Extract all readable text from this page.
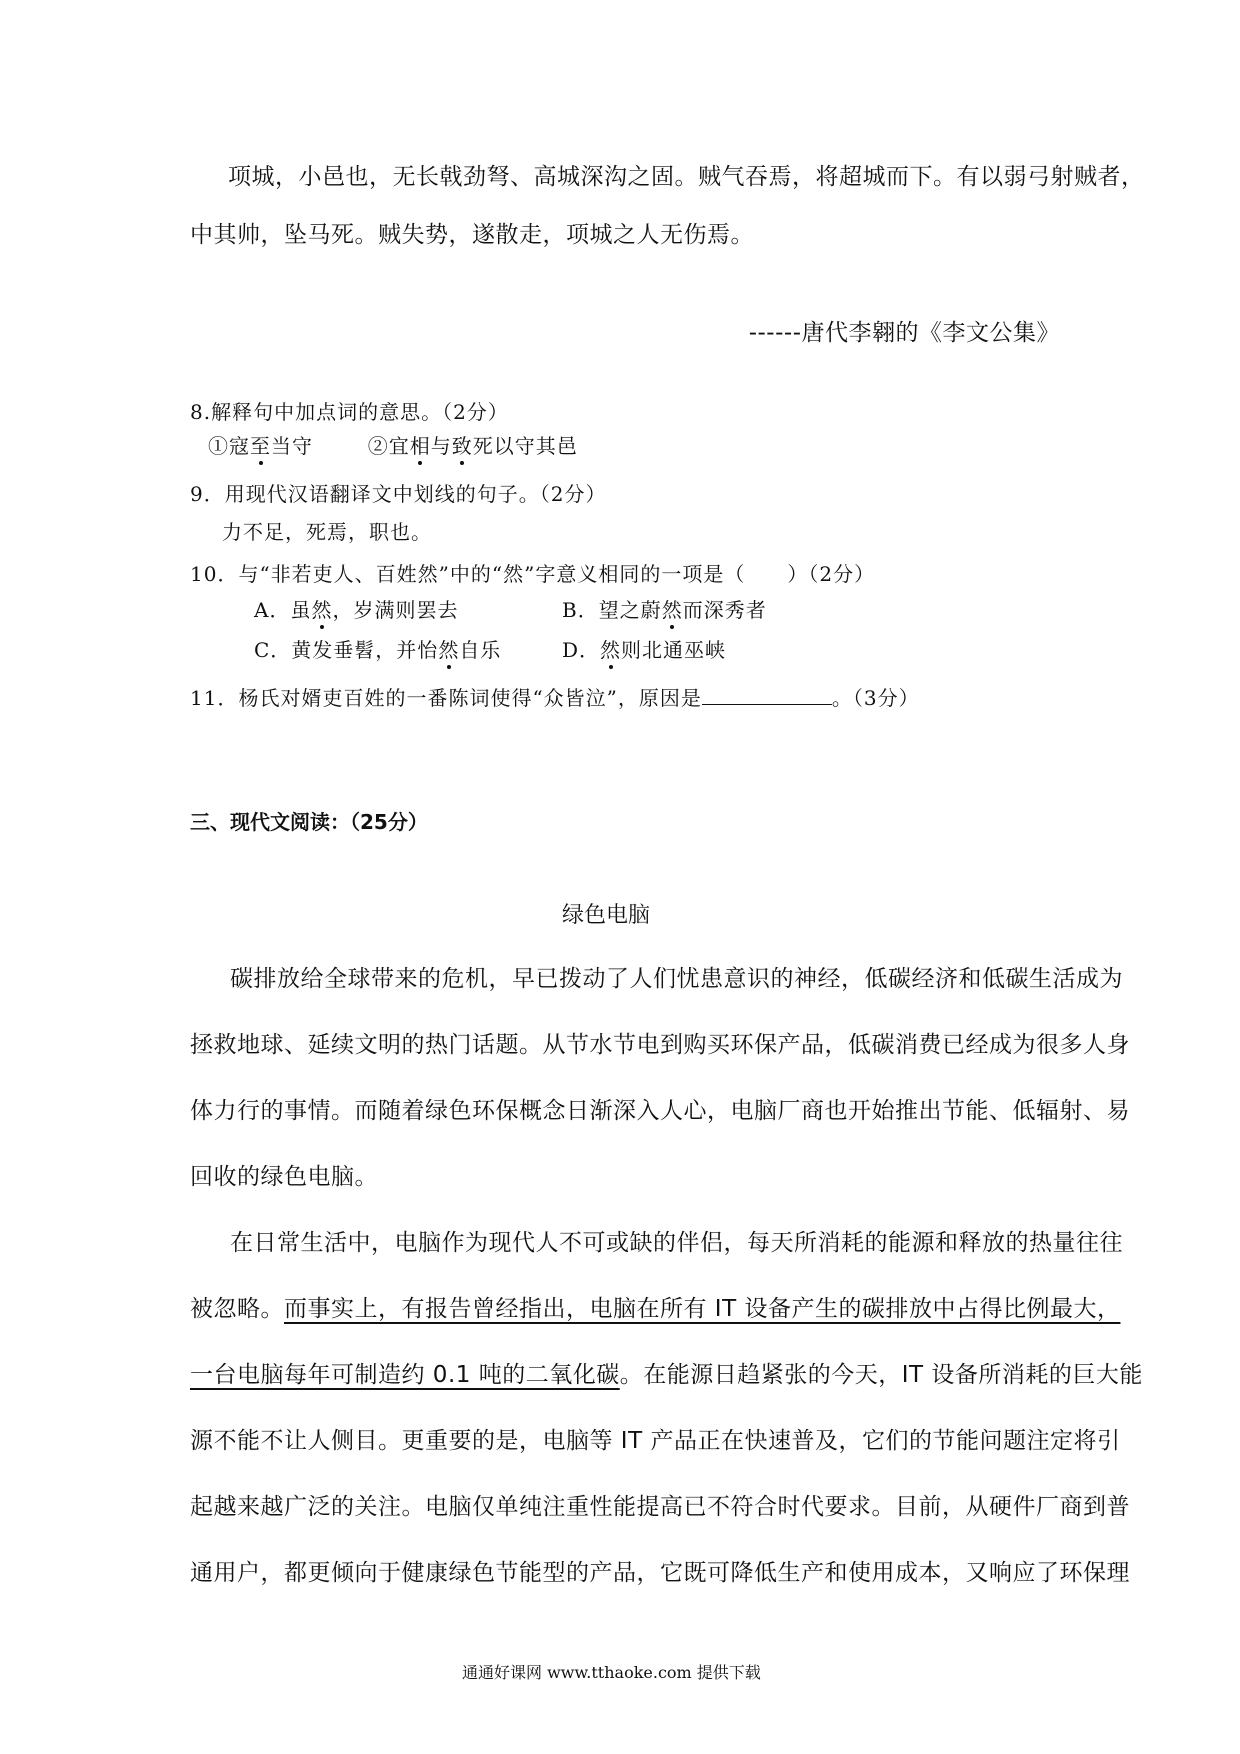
项城，小邑也，无长戟劲弩、高城深沟之固。贼气吞焉，将超城而下。有以弱弓射贼者，
中其帅，坠马死。贼失势，遂散走，项城之人无伤焉。
------唐代李翱的《李文公集》
8.解释句中加点词的意思。（2分）
①寇至当守	②宜相与致死以守其邑
9．用现代汉语翻译文中划线的句子。（2分）
力不足，死焉，职也。
10．与“非若吏人、百姓然”中的“然”字意义相同的一项是（　　）（2分）
A．虽然，岁满则罢去	B．望之蔚然而深秀者
C．黄发垂髫，并怡然自乐	D．然则北通巫峡
11．杨氏对婿吏百姓的一番陈词使得“众皆泣”，原因是	。（3分）
三、现代文阅读：（25分）
绿色电脑
碳排放给全球带来的危机，早已拨动了人们忧患意识的神经，低碳经济和低碳生活成为
拯救地球、延续文明的热门话题。从节水节电到购买环保产品，低碳消费已经成为很多人身
体力行的事情。而随着绿色环保概念日渐深入人心，电脑厂商也开始推出节能、低辐射、易
回收的绿色电脑。
在日常生活中，电脑作为现代人不可或缺的伴侣，每天所消耗的能源和释放的热量往往
被忽略。而事实上，有报告曾经指出，电脑在所有 IT 设备产生的碳排放中占得比例最大，
一台电脑每年可制造约 0.1 吨的二氧化碳。在能源日趋紧张的今天，IT 设备所消耗的巨大能
源不能不让人侧目。更重要的是，电脑等 IT 产品正在快速普及，它们的节能问题注定将引
起越来越广泛的关注。电脑仅单纯注重性能提高已不符合时代要求。目前，从硬件厂商到普
通用户，都更倾向于健康绿色节能型的产品，它既可降低生产和使用成本，又响应了环保理
通通好课网 www.tthaoke.com 提供下载
